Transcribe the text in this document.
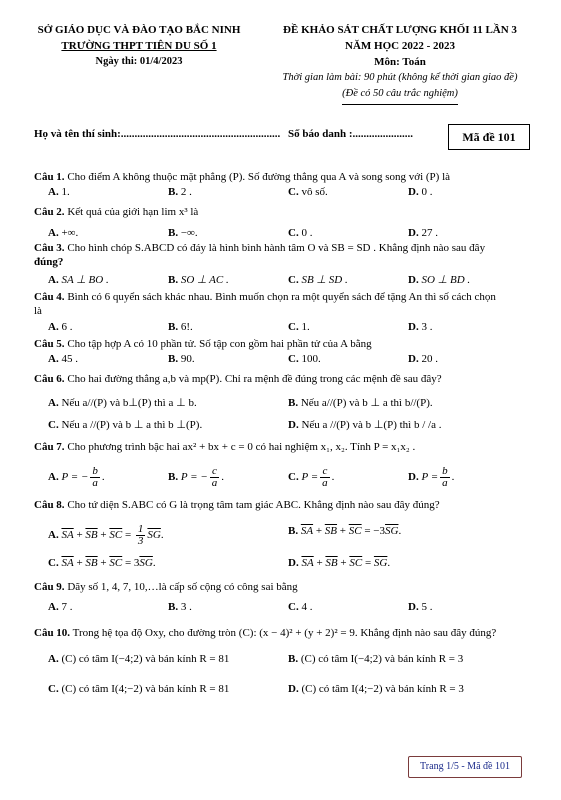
SỞ GIÁO DỤC VÀ ĐÀO TẠO BẮC NINH
TRƯỜNG THPT TIÊN DU SỐ 1
Ngày thi: 01/4/2023
ĐỀ KHẢO SÁT CHẤT LƯỢNG KHỐI 11 LẦN 3
NĂM HỌC 2022 - 2023
Môn: Toán
Thời gian làm bài: 90 phút (không kể thời gian giao đề)
(Đề có 50 câu trắc nghiệm)
Họ và tên thí sinh:.......................................................... Số báo danh :......................	Mã đề 101
Câu 1. Cho điểm A không thuộc mặt phẳng (P). Số đường thẳng qua A và song song với (P) là
A. 1.	B. 2 .	C. vô số.	D. 0 .
Câu 2. Kết quả của giới hạn lim x³ là
A. +∞.	B. −∞.	C. 0 .	D. 27 .
Câu 3. Cho hình chóp S.ABCD có đáy là hình bình hành tâm O và SB = SD . Khẳng định nào sau đây
đúng?
A. SA ⊥ BO .	B. SO ⊥ AC .	C. SB ⊥ SD .	D. SO ⊥ BD .
Câu 4. Bình có 6 quyển sách khác nhau. Bình muốn chọn ra một quyển sách để tặng An thì số cách chọn
là
A. 6 .	B. 6!.	C. 1.	D. 3 .
Câu 5. Cho tập hợp A có 10 phần tử. Số tập con gồm hai phần tử của A bằng
A. 45 .	B. 90.	C. 100.	D. 20 .
Câu 6. Cho hai đường thẳng a,b và mp(P). Chỉ ra mệnh đề đúng trong các mệnh đề sau đây?
A. Nếu a//(P) và b⊥(P) thì a ⊥ b.	B. Nếu a//(P) và b ⊥ a thì b//(P).
C. Nếu a //(P) và b ⊥ a thì b ⊥(P).	D. Nếu a //(P) và b ⊥(P) thì b / /a .
Câu 7. Cho phương trình bậc hai ax² + bx + c = 0 có hai nghiệm x₁, x₂. Tính P = x₁x₂ .
A. P = − $\frac{b}{a}$ .	B. P = − $\frac{c}{a}$ .	C. $P = \frac{c}{a}$ .	D. $P = \frac{b}{a}$ .
Câu 8. Cho tứ diện S.ABC có G là trọng tâm tam giác ABC. Khẳng định nào sau đây đúng?
A. $\overline{SA} + \overline{SB} + \overline{SC} = \frac{1}{3} \overline{SG}$.	B. $\overline{SA} + \overline{SB} + \overline{SC} = -3\overline{SG}$.
C. $\overline{SA} + \overline{SB} + \overline{SC} = 3\overline{SG}$.	D. $\overline{SA} + \overline{SB} + \overline{SC} = \overline{SG}$.
Câu 9. Dãy số 1, 4, 7, 10,…là cấp số cộng có công sai bằng
A. 7 .	B. 3 .	C. 4 .	D. 5 .
Câu 10. Trong hệ tọa độ Oxy, cho đường tròn (C): (x − 4)² + (y + 2)² = 9. Khẳng định nào sau đây đúng?
A. (C) có tâm I(−4;2) và bán kính R = 81	B. (C) có tâm I(−4;2) và bán kính R = 3
C. (C) có tâm I(4;−2) và bán kính R = 81	D. (C) có tâm I(4;−2) và bán kính R = 3
Trang 1/5 - Mã đề 101
